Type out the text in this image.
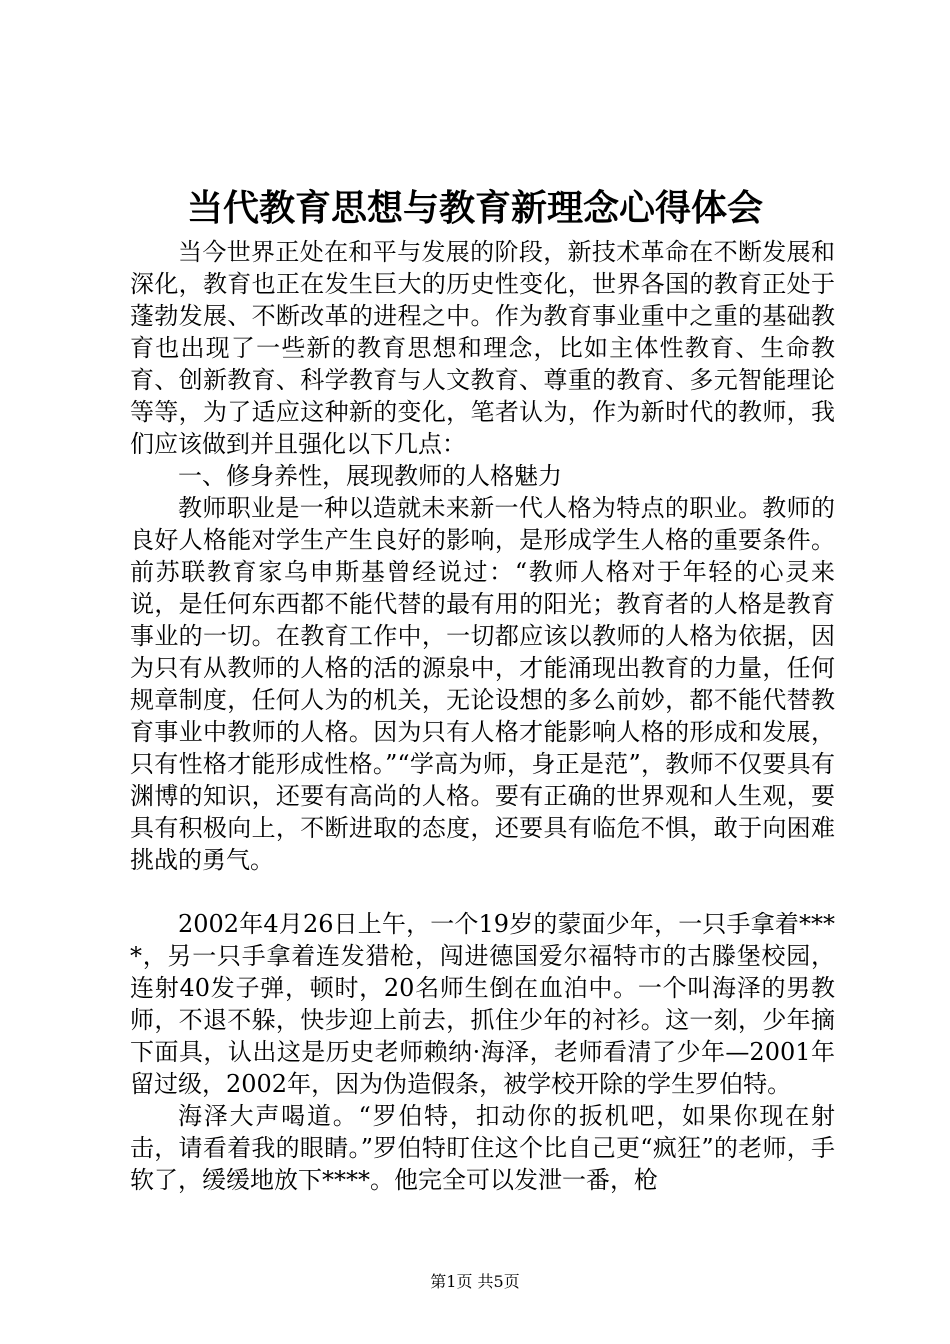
当代教育思想与教育新理念心得体会

当今世界正处在和平与发展的阶段，新技术革命在不断发展和深化，教育也正在发生巨大的历史性变化，世界各国的教育正处于蓬勃发展、不断改革的进程之中。作为教育事业重中之重的基础教育也出现了一些新的教育思想和理念，比如主体性教育、生命教育、创新教育、科学教育与人文教育、尊重的教育、多元智能理论等等，为了适应这种新的变化，笔者认为，作为新时代的教师，我们应该做到并且强化以下几点：

一、修身养性，展现教师的人格魅力

教师职业是一种以造就未来新一代人格为特点的职业。教师的良好人格能对学生产生良好的影响，是形成学生人格的重要条件。前苏联教育家乌申斯基曾经说过：“教师人格对于年轻的心灵来说，是任何东西都不能代替的最有用的阳光；教育者的人格是教育事业的一切。在教育工作中，一切都应该以教师的人格为依据，因为只有从教师的人格的活的源泉中，才能涌现出教育的力量，任何规章制度，任何人为的机关，无论设想的多么前妙，都不能代替教育事业中教师的人格。因为只有人格才能影响人格的形成和发展，只有性格才能形成性格。”“学高为师，身正是范”，教师不仅要具有渊博的知识，还要有高尚的人格。要有正确的世界观和人生观，要具有积极向上，不断进取的态度，还要具有临危不惧，敢于向困难挑战的勇气。

2002年4月26日上午，一个19岁的蒙面少年，一只手拿着****，另一只手拿着连发猎枪，闯进德国爱尔福特市的古滕堡校园，连射40发子弹，顿时，20名师生倒在血泊中。一个叫海泽的男教师，不退不躲，快步迎上前去，抓住少年的衬衫。这一刻，少年摘下面具，认出这是历史老师赖纳·海泽，老师看清了少年—2001年留过级，2002年，因为伪造假条，被学校开除的学生罗伯特。

海泽大声喝道。“罗伯特，扣动你的扳机吧，如果你现在射击，请看着我的眼睛。”罗伯特盯住这个比自己更“疯狂”的老师，手软了，缓缓地放下****。他完全可以发泄一番，枪

第1页 共5页
